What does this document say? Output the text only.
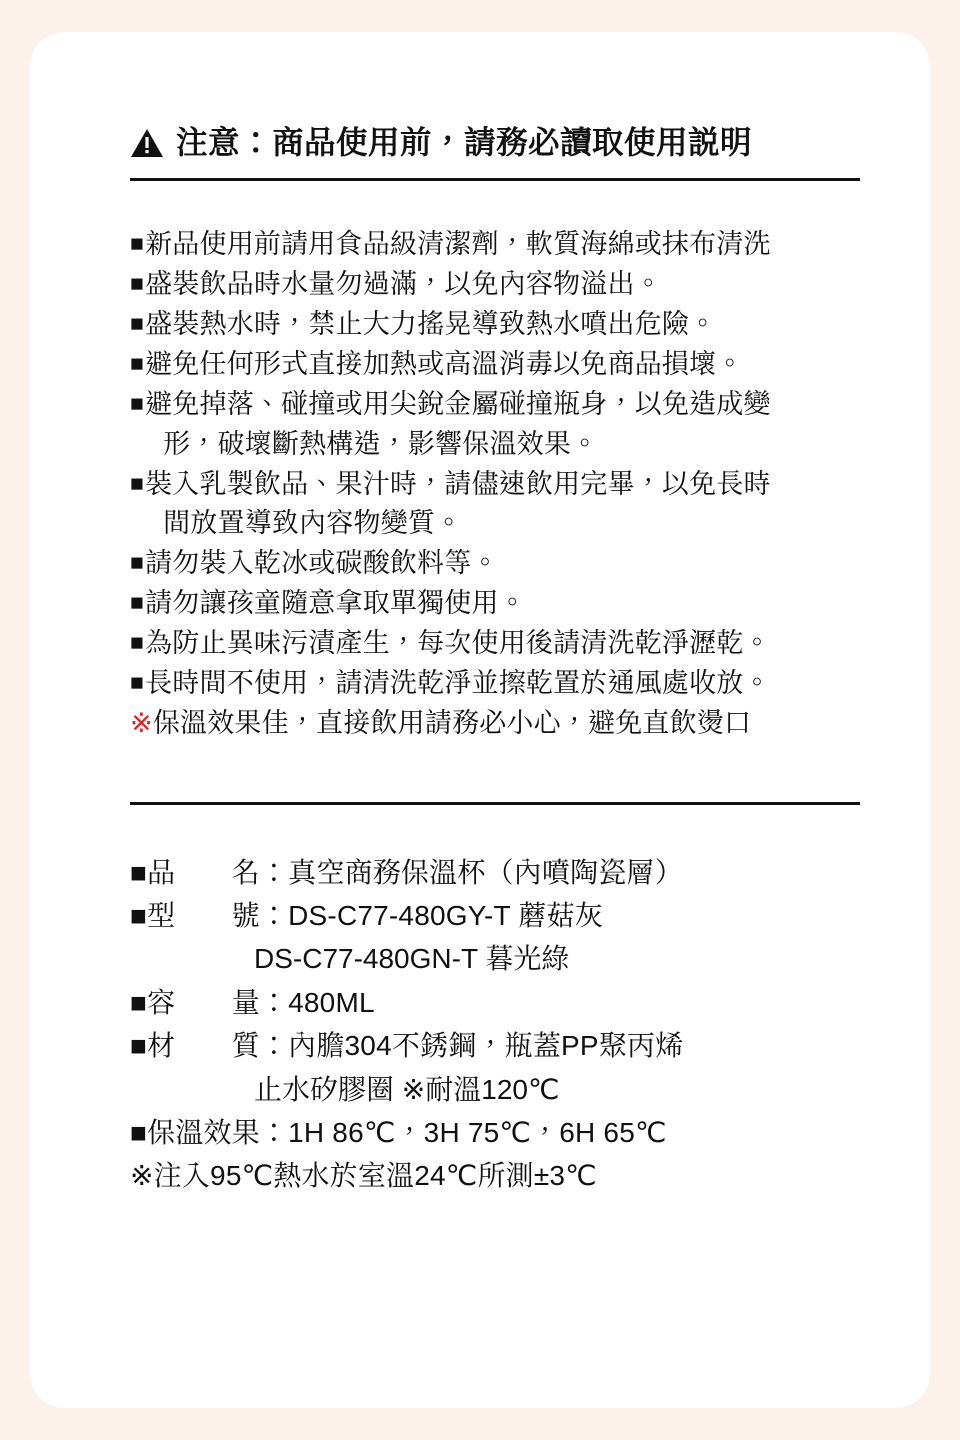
注意：商品使用前，請務必讀取使用説明
■ 新品使用前請用食品級清潔劑，軟質海綿或抹布清洗
■ 盛裝飲品時水量勿過滿，以免內容物溢出。
■ 盛裝熱水時，禁止大力搖晃導致熱水噴出危險。
■ 避免任何形式直接加熱或高溫消毒以免商品損壞。
■ 避免掉落、碰撞或用尖銳金屬碰撞瓶身，以免造成變
形，破壞斷熱構造，影響保溫效果。
■ 裝入乳製飲品、果汁時，請儘速飲用完畢，以免長時
間放置導致內容物變質。
■ 請勿裝入乾冰或碳酸飲料等。
■ 請勿讓孩童隨意拿取單獨使用。
■ 為防止異味污漬產生，每次使用後請清洗乾淨瀝乾。
■ 長時間不使用，請清洗乾淨並擦乾置於通風處收放。
※ 保溫效果佳，直接飲用請務必小心，避免直飲燙口
■品　　名： 真空商務保溫杯（內噴陶瓷層）
■型　　號： DS-C77-480GY-T 蘑菇灰
DS-C77-480GN-T 暮光綠
■容　　量： 480ML
■材　　質： 內膽304不銹鋼，瓶蓋PP聚丙烯
止水矽膠圈 ※耐溫120℃
■保溫效果： 1H 86℃，3H 75℃，6H 65℃
※注入95℃熱水於室溫24℃所測±3℃
